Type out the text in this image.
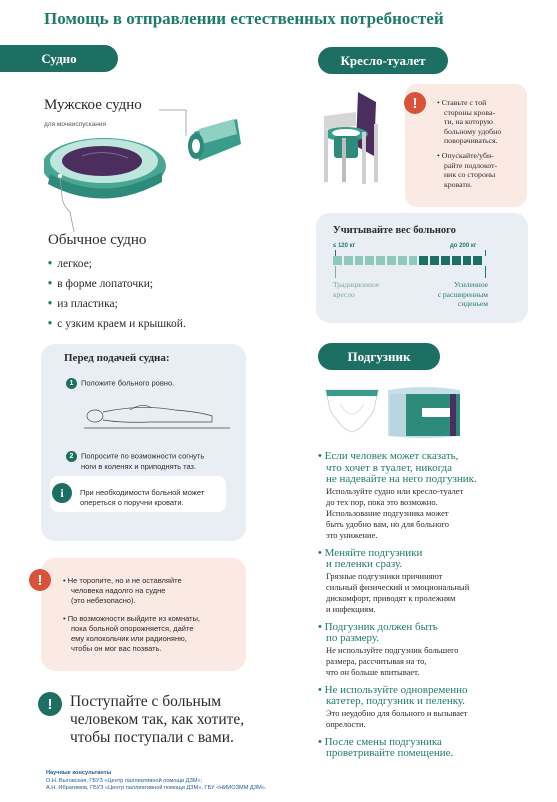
Помощь в отправлении естественных потребностей
Судно
Мужское судно
для мочеиспускания
Обычное судно
• легкое;
• в форме лопаточки;
• из пластика;
• с узким краем и крышкой.
Перед подачей судна:
1 Положите больного ровно.
2 Попросите по возможности согнуть
ноги в коленях и приподнять таз.
i	При необходимости больной может
опереться о поручни кровати.
!	• Не торопите, но и не оставляйте
человека надолго на судне
(это небезопасно).
• По возможности выйдите из комнаты,
пока больной опорожняется, дайте
ему колокольчик или радионяню,
чтобы он мог вас позвать.
!	Поступайте с больным
человеком так, как хотите,
чтобы поступали с вами.
Научные консультанты
О.Н. Выговская, ГБУЗ «Центр паллиативной помощи ДЗМ»;
А.Н. Ибрагимов, ГБУЗ «Центр паллиативной помощи ДЗМ», ГБУ «НИИОЗММ ДЗМ».
Кресло-туалет
!	• Ставьте с той
стороны крова-
ти, на которую
больному удобно
поворачиваться.
• Опускайте/уби-
райте подлокот-
ник со стороны
кровати.
Учитывайте вес больного
≤ 120 кг	до 200 кг
Традиционное
кресло
Усиленное
с расширенным
сиденьем
Подгузник
• Если человек может сказать,
что хочет в туалет, никогда
не надевайте на него подгузник.
Используйте судно или кресло-туалет
до тех пор, пока это возможно.
Использование подгузника может
быть удобно вам, но для больного
это унижение.
• Меняйте подгузники
и пеленки сразу.
Грязные подгузники причиняют
сильный физический и эмоциональный
дискомфорт, приводят к пролежням
и инфекциям.
• Подгузник должен быть
по размеру.
Не используйте подгузник большего
размера, рассчитывая на то,
что он больше впитывает.
• Не используйте одновременно
катетер, подгузник и пеленку.
Это неудобно для больного и вызывает
опрелости.
• После смены подгузника
проветривайте помещение.
